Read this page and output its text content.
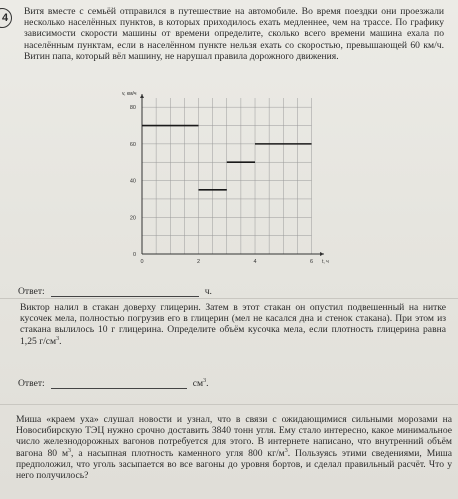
4

Витя вместе с семьёй отправился в путешествие на автомобиле. Во время поездки они проезжали несколько населённых пунктов, в которых приходилось ехать медленнее, чем на трассе. По графику зависимости скорости машины от времени определите, сколько всего времени машина ехала по населённым пунктам, если в населённом пункте нельзя ехать со скоростью, превышающей 60 км/ч. Витин папа, который вёл машину, не нарушал правила дорожного движения.

0
20
40
60
80
0	2	4	6
v, км/ч
t, ч
Ответ:	ч.

Виктор налил в стакан доверху глицерин. Затем в этот стакан он опустил подвешенный на нитке кусочек мела, полностью погрузив его в глицерин (мел не касался дна и стенок стакана). При этом из стакана вылилось 10 г глицерина. Определите объём кусочка мела, если плотность глицерина равна 1,25 $г/см^3$.

Ответ:	$см^3$.

Миша «краем уха» слушал новости и узнал, что в связи с ожидающимися сильными морозами на Новосибирскую ТЭЦ нужно срочно доставить 3840 тонн угля. Ему стало интересно, какое минимальное число железнодорожных вагонов потребуется для этого. В интернете написано, что внутренний объём вагона 80 $м^3$, а насыпная плотность каменного угля 800 $кг/м^3$. Пользуясь этими сведениями, Миша предположил, что уголь засыпается во все вагоны до уровня бортов, и сделал правильный расчёт. Что у него получилось?
